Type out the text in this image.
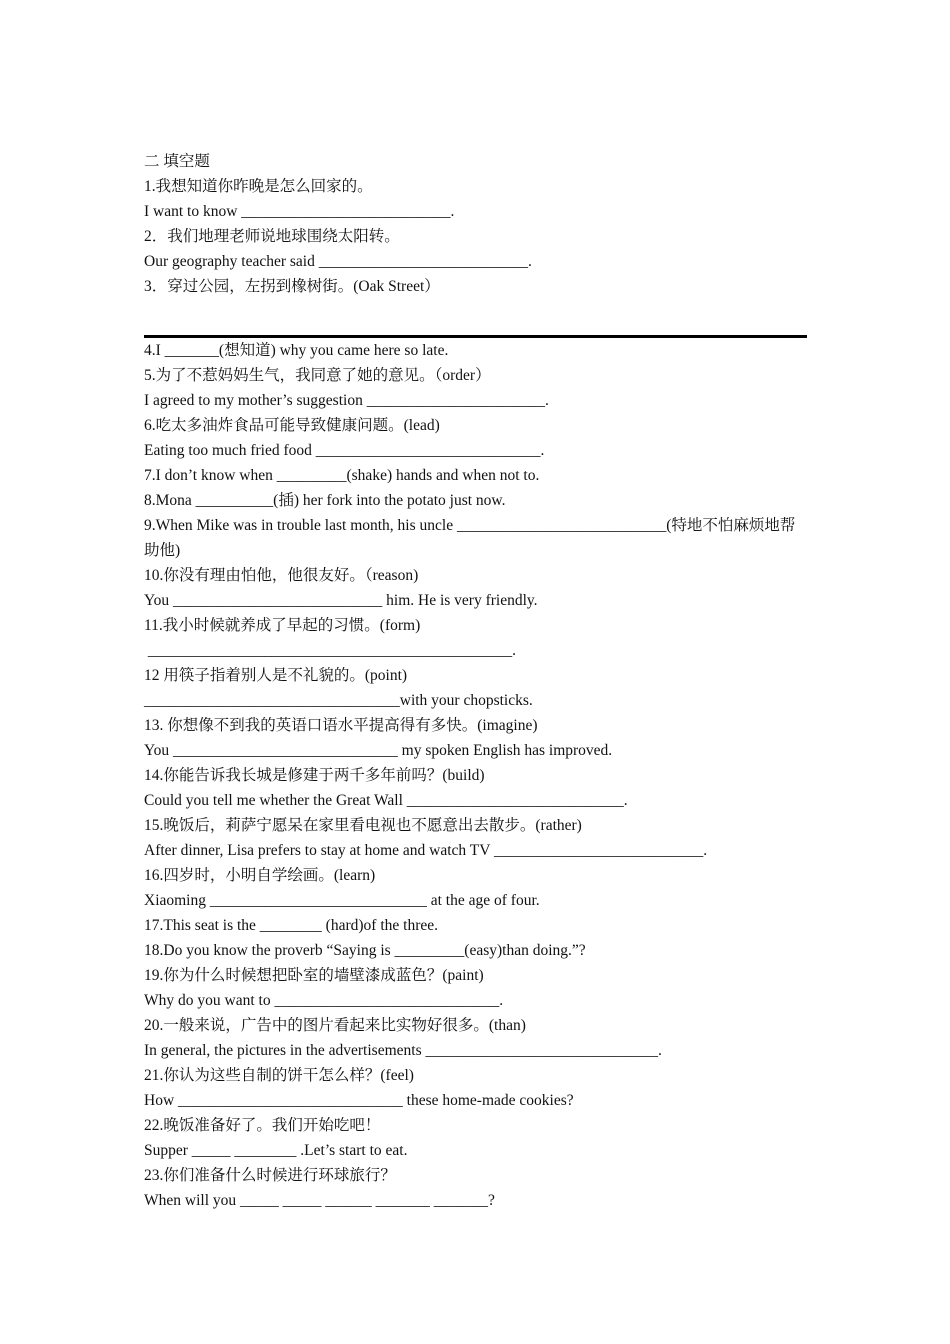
二 填空题
1.我想知道你昨晚是怎么回家的。
I want to know ___________________________.
2．我们地理老师说地球围绕太阳转。
Our geography teacher said ___________________________.
3．穿过公园，左拐到橡树街。(Oak Street）
4.I _______(想知道) why you came here so late.
5.为了不惹妈妈生气，我同意了她的意见。（order）
I agreed to my mother’s suggestion _______________________.
6.吃太多油炸食品可能导致健康问题。(lead)
Eating too much fried food _____________________________.
7.I don’t know when _________(shake) hands and when not to.
8.Mona __________(插) her fork into the potato just now.
9.When Mike was in trouble last month, his uncle ___________________________(特地不怕麻烦地帮助他)
10.你没有理由怕他，他很友好。（reason)
You ___________________________ him. He is very friendly.
11.我小时候就养成了早起的习惯。(form)
_______________________________________________.
12 用筷子指着别人是不礼貌的。(point)
_________________________________with your chopsticks.
13. 你想像不到我的英语口语水平提高得有多快。(imagine)
You _____________________________ my spoken English has improved.
14.你能告诉我长城是修建于两千多年前吗？(build)
Could you tell me whether the Great Wall ____________________________.
15.晚饭后，莉萨宁愿呆在家里看电视也不愿意出去散步。(rather)
After dinner, Lisa prefers to stay at home and watch TV ___________________________.
16.四岁时，小明自学绘画。(learn)
Xiaoming ____________________________ at the age of four.
17.This seat is the ________ (hard)of the three.
18.Do you know the proverb “Saying is _________(easy)than doing.”?
19.你为什么时候想把卧室的墙壁漆成蓝色？(paint)
Why do you want to _____________________________.
20.一般来说，广告中的图片看起来比实物好很多。(than)
In general, the pictures in the advertisements ______________________________.
21.你认为这些自制的饼干怎么样？(feel)
How _____________________________ these home-made cookies?
22.晚饭准备好了。我们开始吃吧！
Supper _____ ________ .Let’s start to eat.
23.你们准备什么时候进行环球旅行？
When will you _____ _____ ______ _______ _______?
